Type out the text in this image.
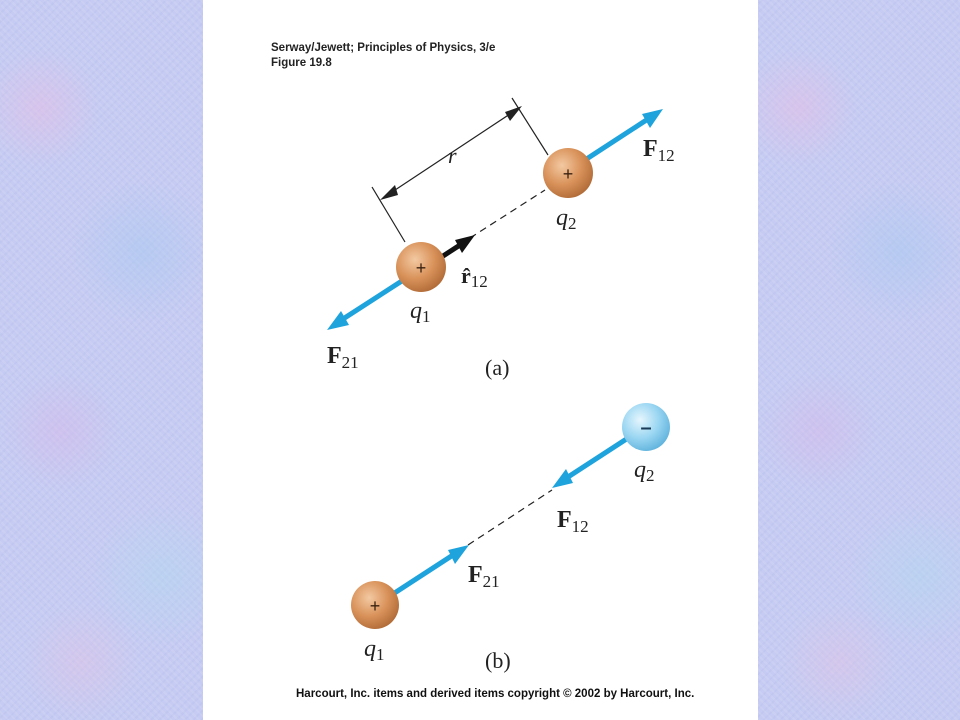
Serway/Jewett; Principles of Physics, 3/e
Figure 19.8
Harcourt, Inc. items and derived items copyright © 2002 by Harcourt, Inc.
r
+
+
q2
q1
$F_{12}$
$F_{21}$
r̂12
(a)
+
–
q2
$F_{12}$
$F_{21}$
q1	(b)
